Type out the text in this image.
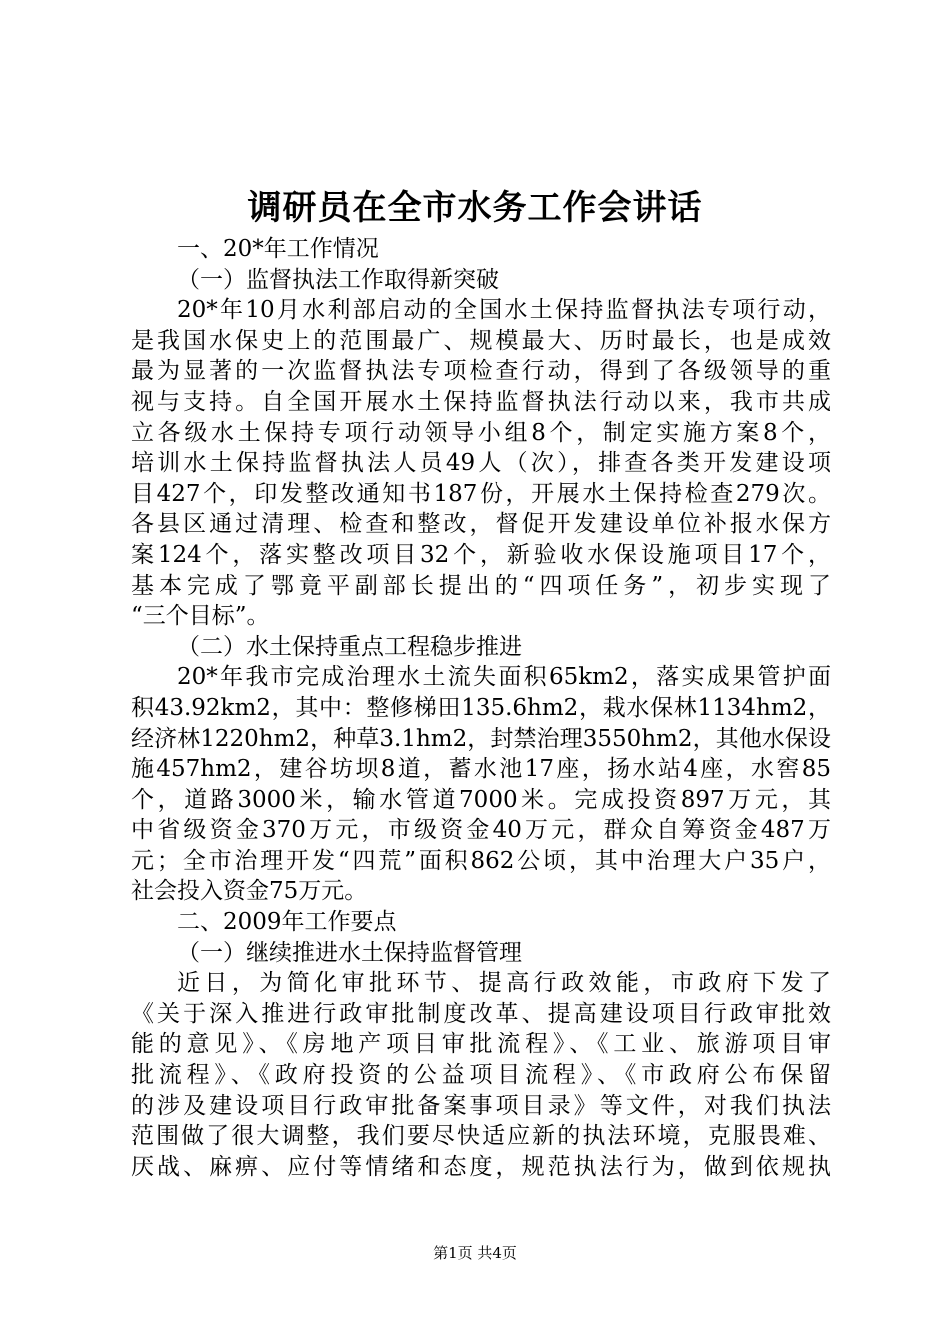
调研员在全市水务工作会讲话
一、20*年工作情况
（一）监督执法工作取得新突破
20*年10月水利部启动的全国水土保持监督执法专项行动，
是我国水保史上的范围最广、规模最大、历时最长，也是成效
最为显著的一次监督执法专项检查行动，得到了各级领导的重
视与支持。自全国开展水土保持监督执法行动以来，我市共成
立各级水土保持专项行动领导小组8个，制定实施方案8个，
培训水土保持监督执法人员49人（次），排查各类开发建设项
目427个，印发整改通知书187份，开展水土保持检查279次。
各县区通过清理、检查和整改，督促开发建设单位补报水保方
案124个，落实整改项目32个，新验收水保设施项目17个，
基本完成了鄂竟平副部长提出的“四项任务”，初步实现了
“三个目标”。
（二）水土保持重点工程稳步推进
20*年我市完成治理水土流失面积65km2，落实成果管护面
积43.92km2，其中：整修梯田135.6hm2，栽水保林1134hm2，
经济林1220hm2，种草3.1hm2，封禁治理3550hm2，其他水保设
施457hm2，建谷坊坝8道，蓄水池17座，扬水站4座，水窖85
个，道路3000米，输水管道7000米。完成投资897万元，其
中省级资金370万元，市级资金40万元，群众自筹资金487万
元；全市治理开发“四荒”面积862公顷，其中治理大户35户，
社会投入资金75万元。
二、2009年工作要点
（一）继续推进水土保持监督管理
近日，为简化审批环节、提高行政效能，市政府下发了
《关于深入推进行政审批制度改革、提高建设项目行政审批效
能的意见》、《房地产项目审批流程》、《工业、旅游项目审
批流程》、《政府投资的公益项目流程》、《市政府公布保留
的涉及建设项目行政审批备案事项目录》等文件，对我们执法
范围做了很大调整，我们要尽快适应新的执法环境，克服畏难、
厌战、麻痹、应付等情绪和态度，规范执法行为，做到依规执
第1页 共4页
